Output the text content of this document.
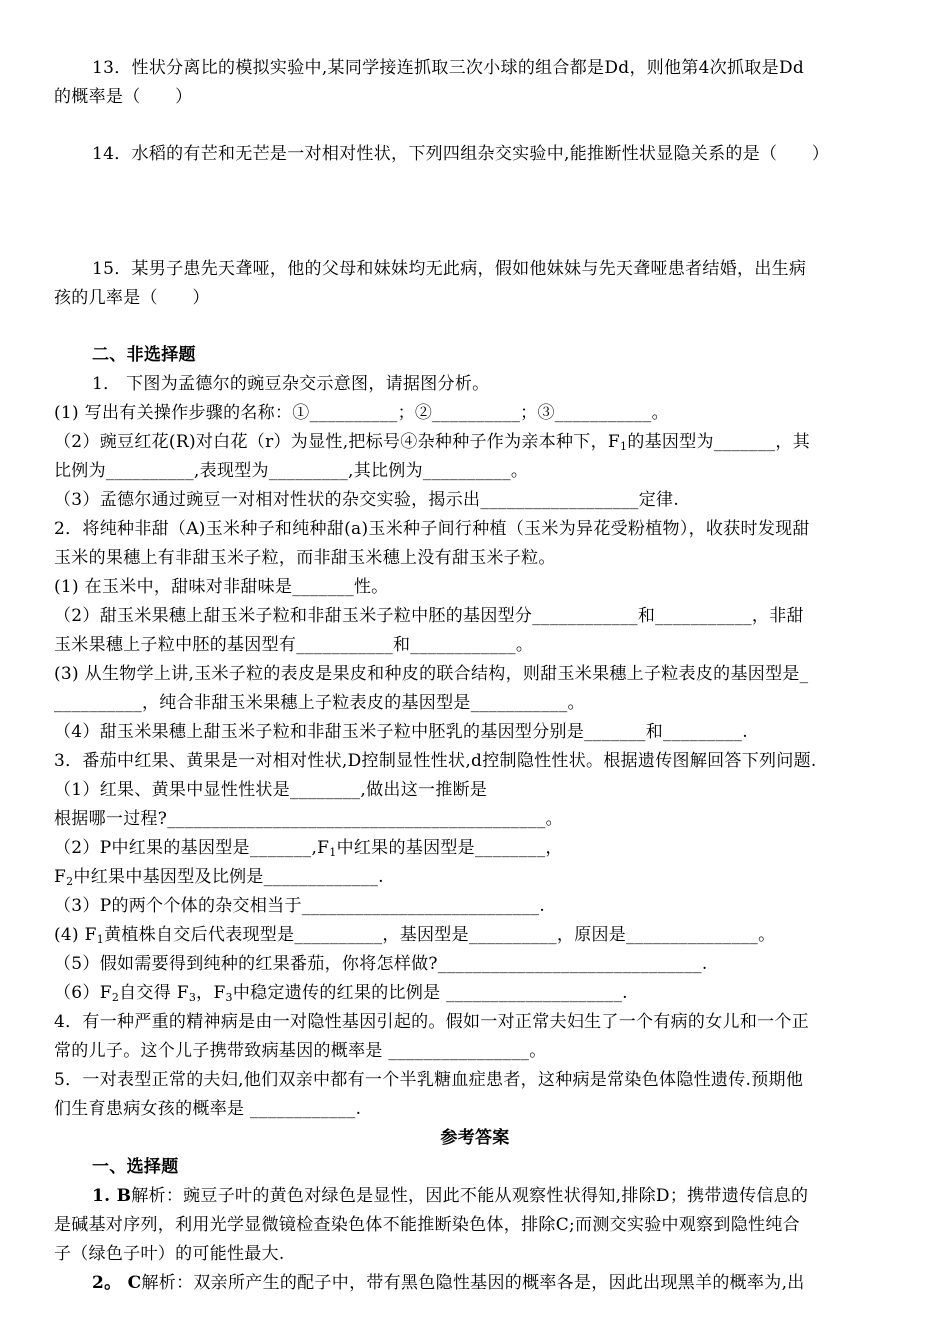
13．性状分离比的模拟实验中,某同学接连抓取三次小球的组合都是Dd，则他第4次抓取是Dd
的概率是（　　）
14．水稻的有芒和无芒是一对相对性状，下列四组杂交实验中,能推断性状显隐关系的是（　　）
15．某男子患先天聋哑，他的父母和妹妹均无此病，假如他妹妹与先天聋哑患者结婚，出生病
孩的几率是（　　）
二、非选择题
1． 下图为孟德尔的豌豆杂交示意图，请据图分析。
(1) 写出有关操作步骤的名称：①__________；②__________；③___________。
（2）豌豆红花(R)对白花（r）为显性,把标号④杂种种子作为亲本种下，$F_1$的基因型为_______，其
比例为__________,表现型为_________,其比例为__________。
（3）孟德尔通过豌豆一对相对性状的杂交实验，揭示出__________________定律.
2．将纯种非甜（A)玉米种子和纯种甜(a)玉米种子间行种植（玉米为异花受粉植物），收获时发现甜
玉米的果穗上有非甜玉米子粒，而非甜玉米穗上没有甜玉米子粒。
(1) 在玉米中，甜味对非甜味是_______性。
（2）甜玉米果穗上甜玉米子粒和非甜玉米子粒中胚的基因型分____________和___________，非甜
玉米果穗上子粒中胚的基因型有___________和____________。
(3) 从生物学上讲,玉米子粒的表皮是果皮和种皮的联合结构，则甜玉米果穗上子粒表皮的基因型是_
__________，纯合非甜玉米果穗上子粒表皮的基因型是___________。
（4）甜玉米果穗上甜玉米子粒和非甜玉米子粒中胚乳的基因型分别是_______和_________.
3．番茄中红果、黄果是一对相对性状,D控制显性性状,d控制隐性性状。根据遗传图解回答下列问题.
（1）红果、黄果中显性性状是________,做出这一推断是
根据哪一过程?___________________________________________。
（2）P中红果的基因型是$\_\_\_\_\_\_\_,F_1$中红果的基因型是________，
$F_2$中红果中基因型及比例是_____________.
（3）P的两个个体的杂交相当于___________________________.
(4) $F_1$黄植株自交后代表现型是__________，基因型是__________，原因是_______________。
（5）假如需要得到纯种的红果番茄，你将怎样做?______________________________.
$(6)F_2$自交得 $F_3$，$F_3$中稳定遗传的红果的比例是 ____________________.
4．有一种严重的精神病是由一对隐性基因引起的。假如一对正常夫妇生了一个有病的女儿和一个正
常的儿子。这个儿子携带致病基因的概率是 ________________。
5．一对表型正常的夫妇,他们双亲中都有一个半乳糖血症患者，这种病是常染色体隐性遗传.预期他
们生育患病女孩的概率是 ____________.
参考答案
一、选择题
1. B解析：豌豆子叶的黄色对绿色是显性，因此不能从观察性状得知,排除D；携带遗传信息的
是碱基对序列，利用光学显微镜检查染色体不能推断染色体，排除C;而测交实验中观察到隐性纯合
子（绿色子叶）的可能性最大.
2。 C解析：双亲所产生的配子中，带有黑色隐性基因的概率各是，因此出现黑羊的概率为,出
